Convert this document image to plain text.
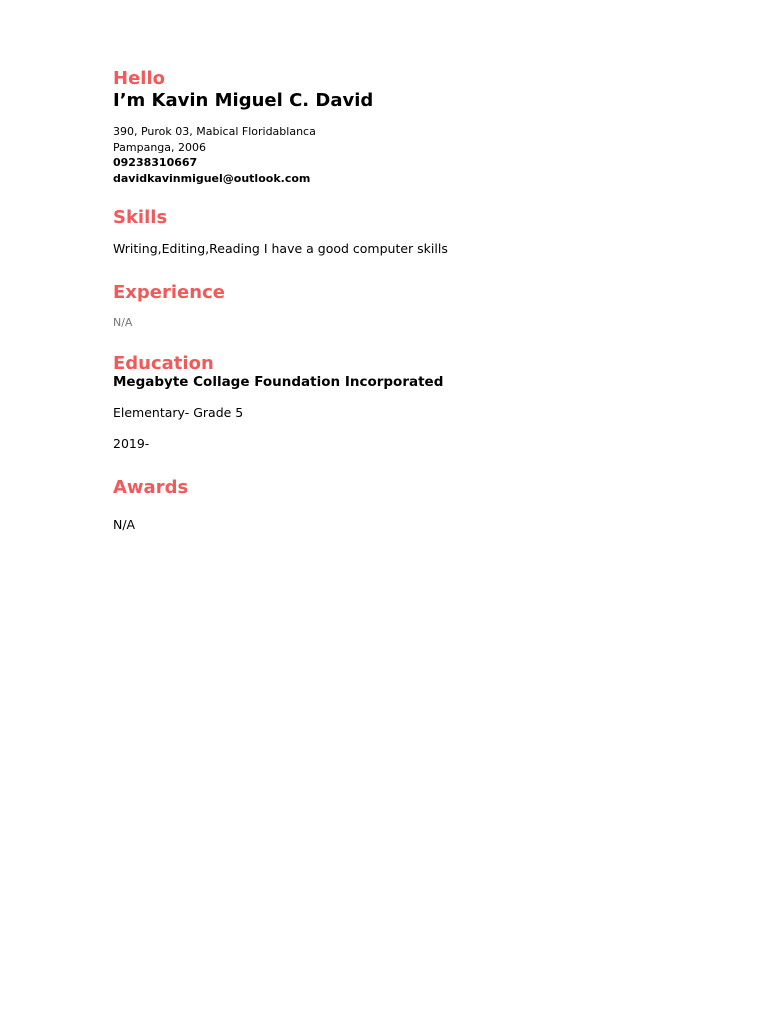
Hello
I’m Kavin Miguel C. David
390, Purok 03, Mabical Floridablanca
Pampanga, 2006
09238310667
davidkavinmiguel@outlook.com
Skills
Writing,Editing,Reading I have a good computer skills
Experience
N/A
Education
Megabyte Collage Foundation Incorporated
Elementary- Grade 5
2019-
Awards
N/A
